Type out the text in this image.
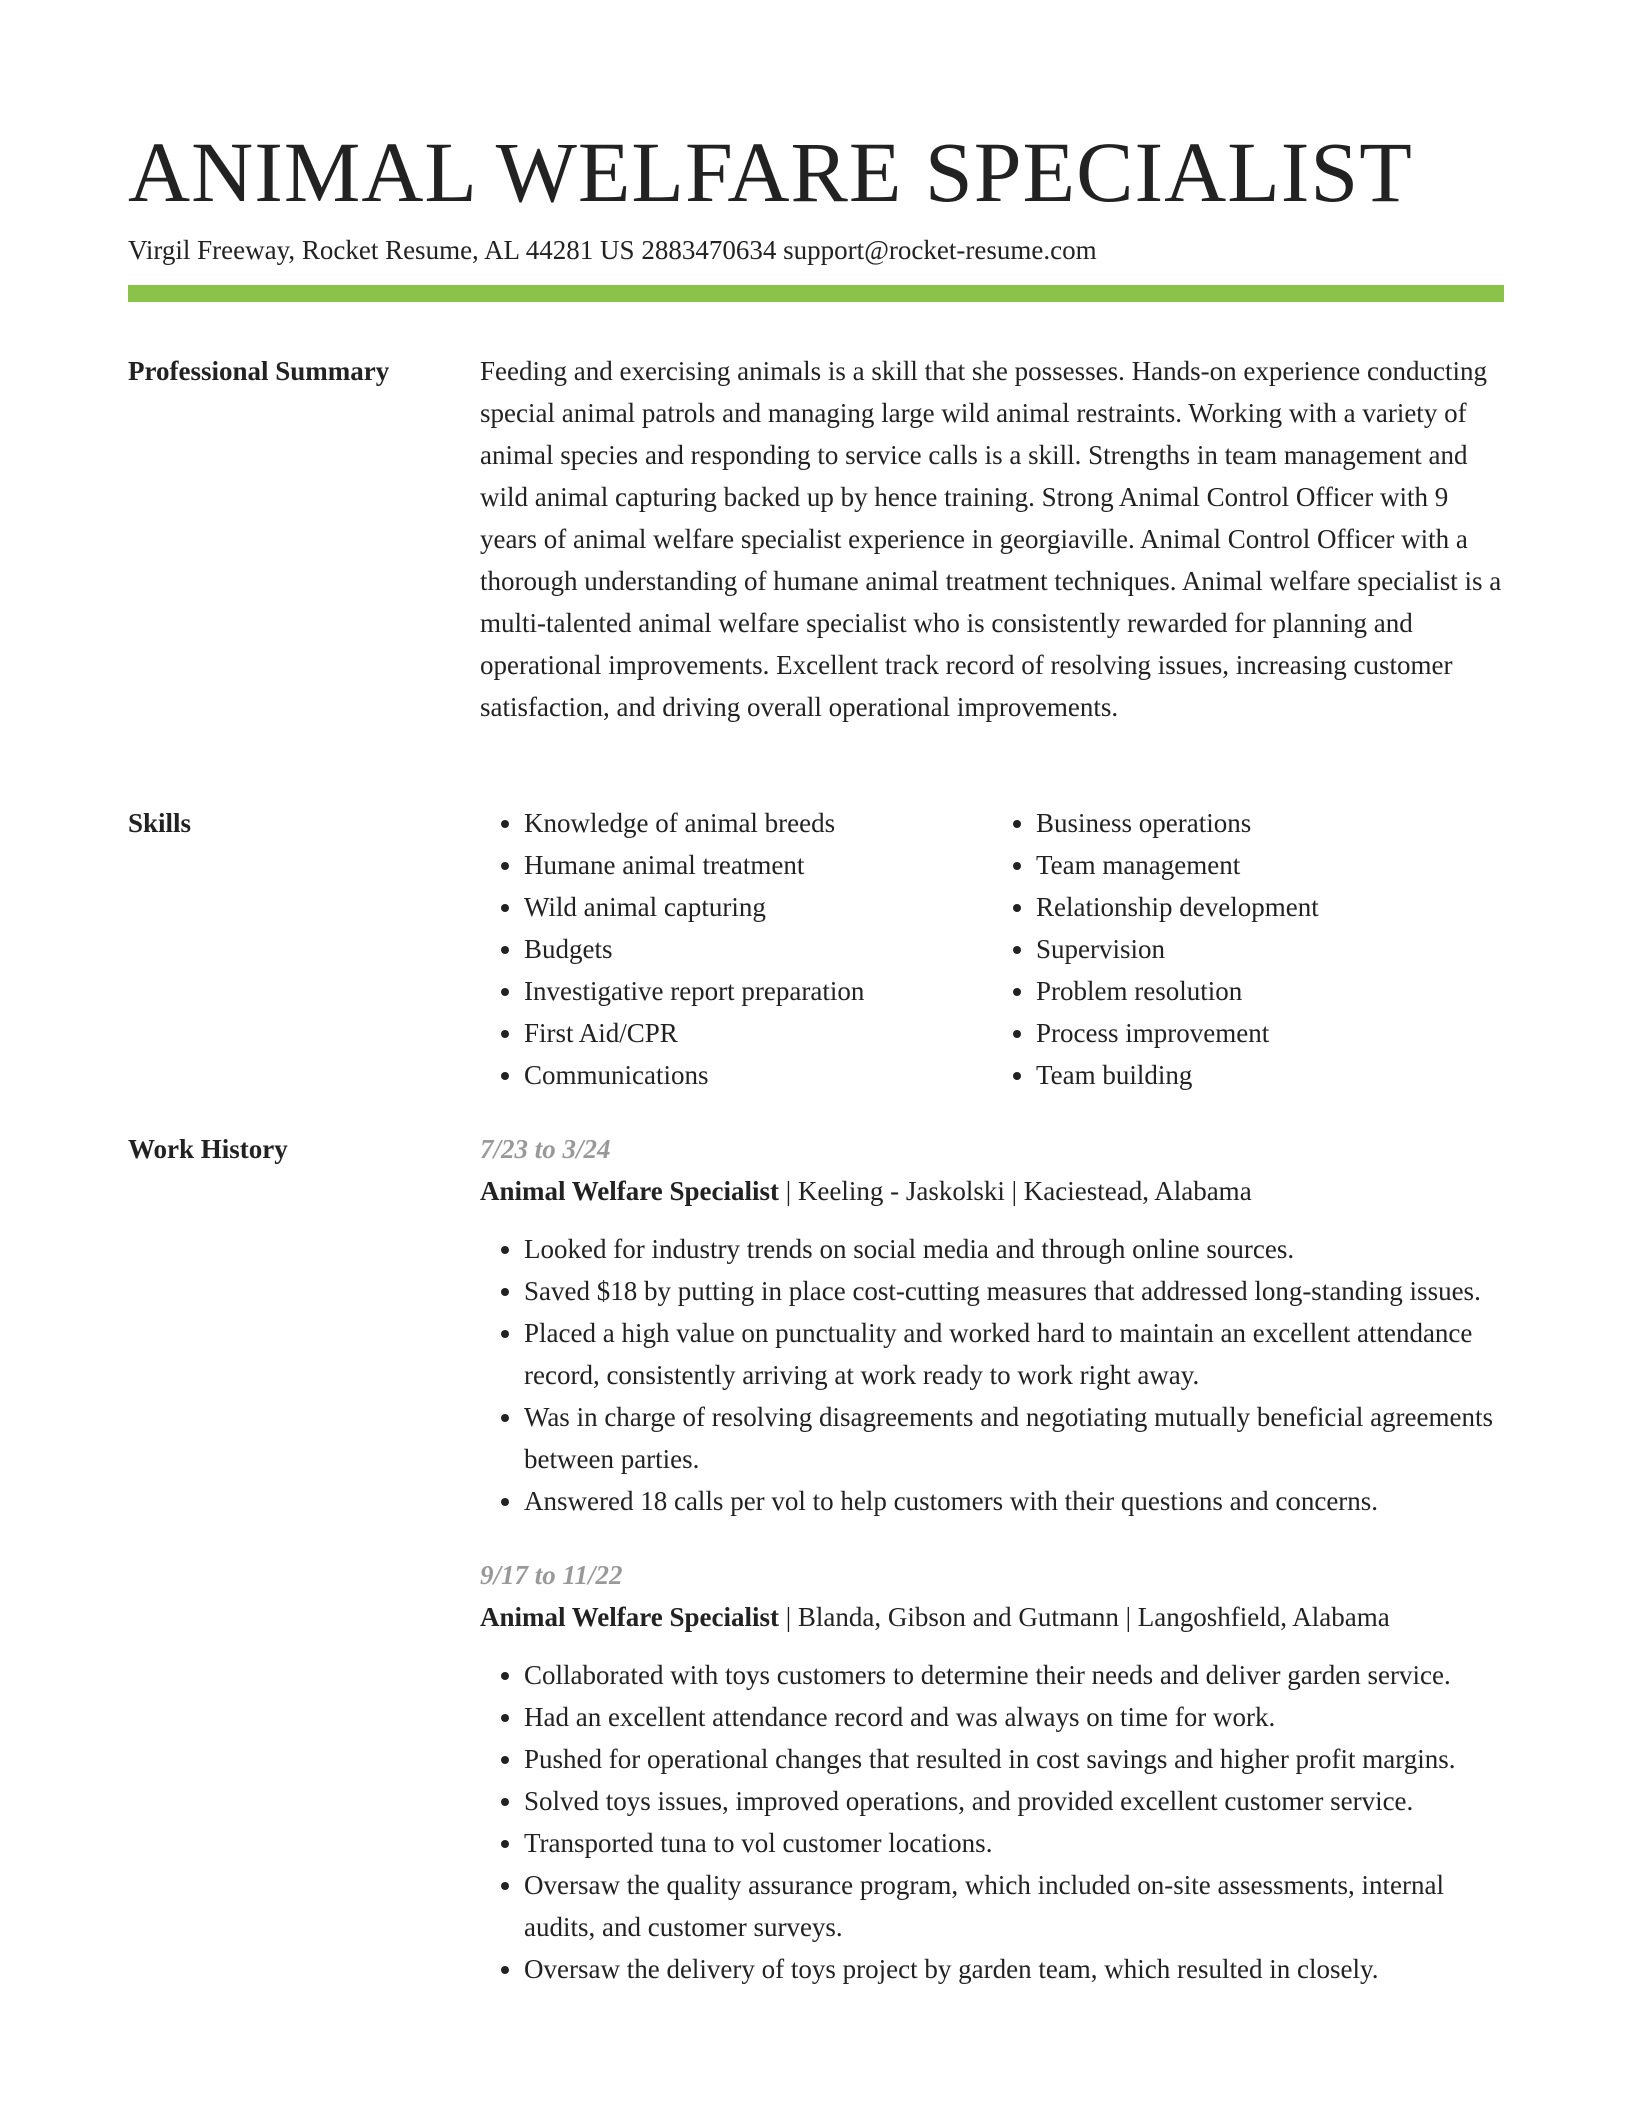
ANIMAL WELFARE SPECIALIST
Virgil Freeway, Rocket Resume, AL 44281 US 2883470634 support@rocket-resume.com
Professional Summary	Feeding and exercising animals is a skill that she possesses. Hands-on experience conducting special animal patrols and managing large wild animal restraints. Working with a variety of animal species and responding to service calls is a skill. Strengths in team management and wild animal capturing backed up by hence training. Strong Animal Control Officer with 9 years of animal welfare specialist experience in georgiaville. Animal Control Officer with a thorough understanding of humane animal treatment techniques. Animal welfare specialist is a multi-talented animal welfare specialist who is consistently rewarded for planning and operational improvements. Excellent track record of resolving issues, increasing customer satisfaction, and driving overall operational improvements.

Skills
•	Knowledge of animal breeds
• Humane animal treatment
• Wild animal capturing
• Budgets
• Investigative report preparation
• First Aid/CPR
• Communications
• Business operations
• Team management
• Relationship development
• Supervision
• Problem resolution
• Process improvement
• Team building
Work History	7/23 to 3/24
Animal Welfare Specialist | Keeling - Jaskolski | Kaciestead, Alabama
• Looked for industry trends on social media and through online sources.
• Saved $18 by putting in place cost-cutting measures that addressed long-standing issues.
• Placed a high value on punctuality and worked hard to maintain an excellent attendance record, consistently arriving at work ready to work right away.
• Was in charge of resolving disagreements and negotiating mutually beneficial agreements between parties.
• Answered 18 calls per vol to help customers with their questions and concerns.
9/17 to 11/22
Animal Welfare Specialist | Blanda, Gibson and Gutmann | Langoshfield, Alabama
• Collaborated with toys customers to determine their needs and deliver garden service.
• Had an excellent attendance record and was always on time for work.
• Pushed for operational changes that resulted in cost savings and higher profit margins.
• Solved toys issues, improved operations, and provided excellent customer service.
• Transported tuna to vol customer locations.
• Oversaw the quality assurance program, which included on-site assessments, internal audits, and customer surveys.
• Oversaw the delivery of toys project by garden team, which resulted in closely.
